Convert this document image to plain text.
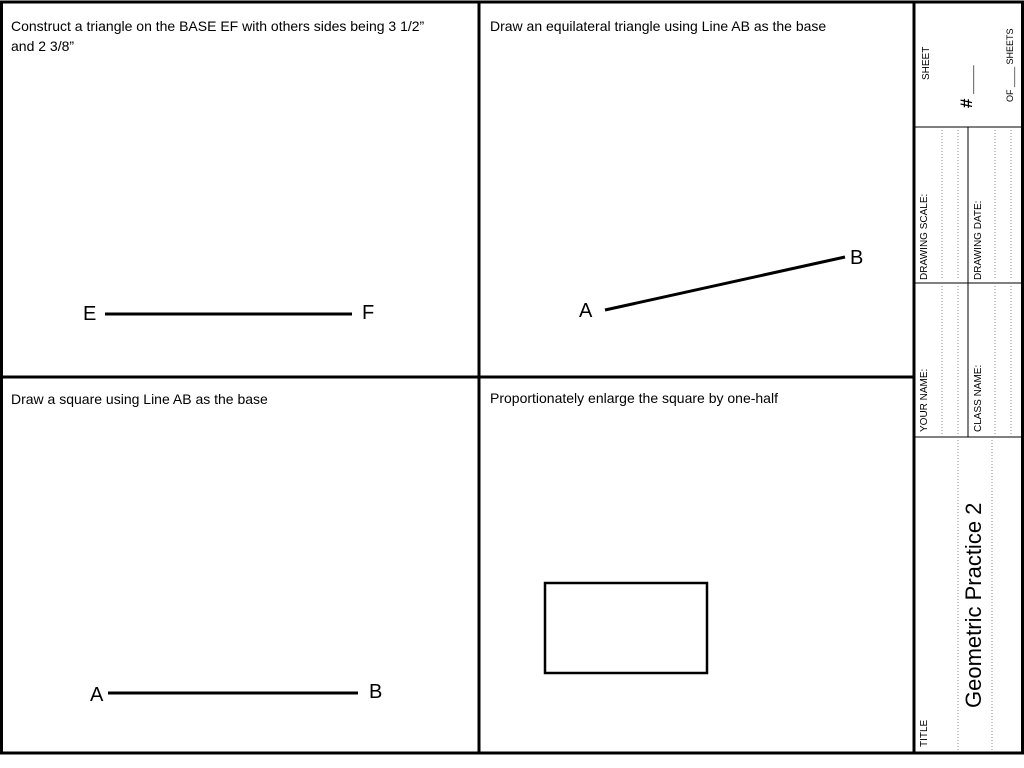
Construct a triangle on the BASE EF with others sides being 3 1/2” and 2 3/8”
Draw an equilateral triangle using Line AB as the base
Draw a square using Line AB as the base	Proportionately enlarge the square by one-half
E	F	A
B
A	B
SHEET
# ___	OF ____ SHEETS
DRAWING SCALE:	DRAWING DATE:
YOUR NAME:	CLASS NAME:
TITLE
Geometric Practice 2
